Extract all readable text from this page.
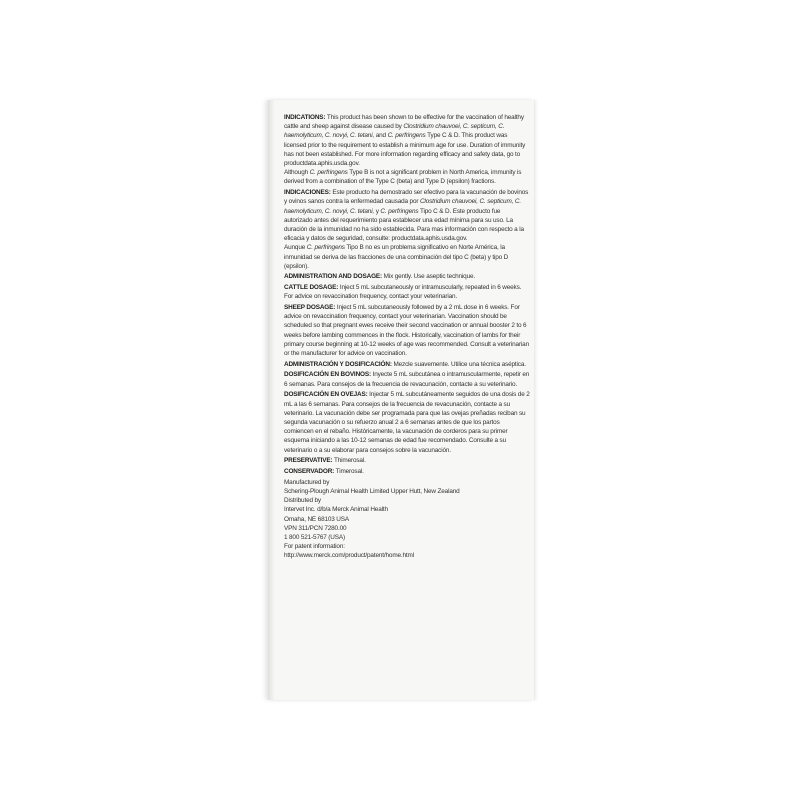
INDICATIONS: This product has been shown to be effective for the vaccination of healthy cattle and sheep against disease caused by Clostridium chauvoei, C. septicum, C. haemolyticum, C. novyi, C. tetani, and C. perfringens Type C & D. This product was licensed prior to the requirement to establish a minimum age for use. Duration of immunity has not been established. For more information regarding efficacy and safety data, go to productdata.aphis.usda.gov.

Although C. perfringens Type B is not a significant problem in North America, immunity is derived from a combination of the Type C (beta) and Type D (epsilon) fractions.

INDICACIONES: Este producto ha demostrado ser efectivo para la vacunación de bovinos y ovinos sanos contra la enfermedad causada por Clostridium chauvoei, C. septicum, C. haemolyticum, C. novyi, C. tetani, y C. perfringens Tipo C & D. Este producto fue autorizado antes del requerimiento para establecer una edad mínima para su uso. La duración de la inmunidad no ha sido establecida. Para mas información con respecto a la eficacia y datos de seguridad, consulte: productdata.aphis.usda.gov.

Aunque C. perfringens Tipo B no es un problema significativo en Norte América, la inmunidad se deriva de las fracciones de una combinación del tipo C (beta) y tipo D (epsilon).

ADMINISTRATION AND DOSAGE: Mix gently. Use aseptic technique.

CATTLE DOSAGE: Inject 5 mL subcutaneously or intramuscularly, repeated in 6 weeks. For advice on revaccination frequency, contact your veterinarian.

SHEEP DOSAGE: Inject 5 mL subcutaneously followed by a 2 mL dose in 6 weeks. For advice on revaccination frequency, contact your veterinarian. Vaccination should be scheduled so that pregnant ewes receive their second vaccination or annual booster 2 to 6 weeks before lambing commences in the flock. Historically, vaccination of lambs for their primary course beginning at 10-12 weeks of age was recommended. Consult a veterinarian or the manufacturer for advice on vaccination.

ADMINISTRACIÓN Y DOSIFICACIÓN: Mezcle suavemente. Utilice una técnica aséptica.

DOSIFICACIÓN EN BOVINOS: Inyecte 5 mL subcutánea o intramuscularmente, repetir en 6 semanas. Para consejos de la frecuencia de revacunación, contacte a su veterinario.

DOSIFICACIÓN EN OVEJAS: Injectar 5 mL subcutáneamente seguidos de una dosis de 2 mL a las 6 semanas. Para consejos de la frecuencia de revacunación, contacte a su veterinario. La vacunación debe ser programada para que las ovejas preñadas reciban su segunda vacunación o su refuerzo anual 2 a 6 semanas antes de que los partos comiencen en el rebaño. Históricamente, la vacunación de corderos para su primer esquema iniciando a las 10-12 semanas de edad fue recomendado. Consulte a su veterinario o a su elaborar para consejos sobre la vacunación.

PRESERVATIVE: Thimerosal.

CONSERVADOR: Timerosal.

Manufactured by
Schering-Plough Animal Health Limited Upper Hutt, New Zealand
Distributed by
Intervet Inc. d/b/a Merck Animal Health
Omaha, NE 68103 USA
VPN 311/PCN 7280.00
1 800 521-5767 (USA)
For patent information:
http://www.merck.com/product/patent/home.html
